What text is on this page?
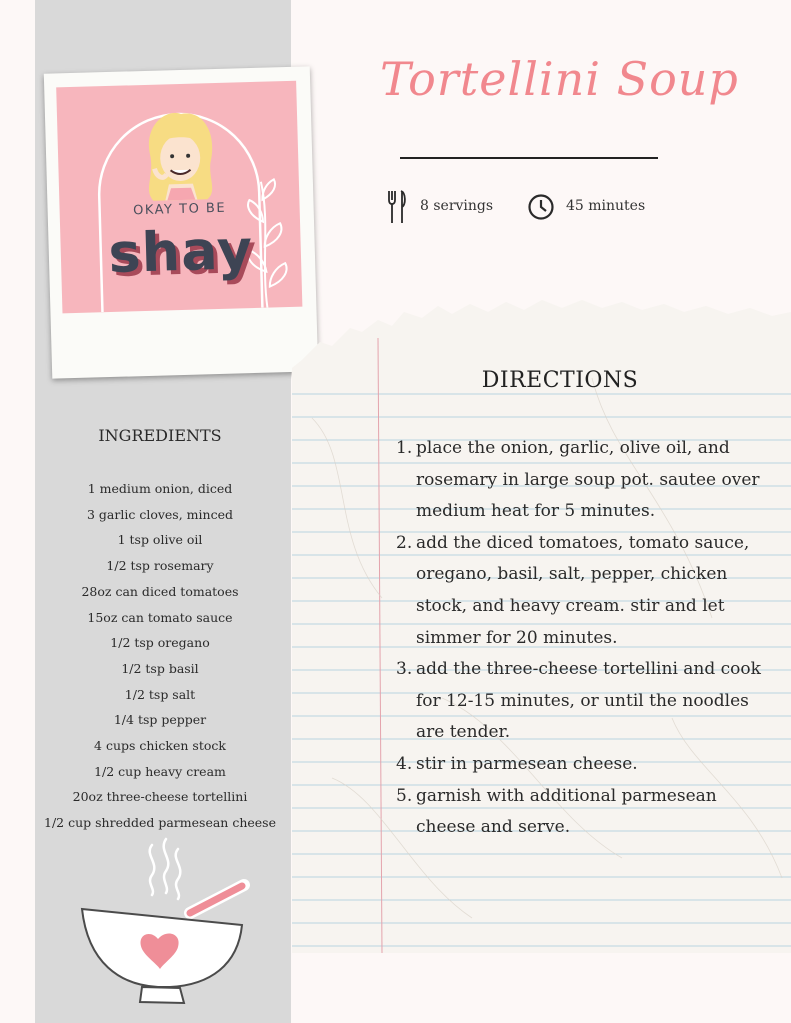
OKAY TO BE
shay
Tortellini Soup
8 servings	45 minutes
DIRECTIONS
1. place the onion, garlic, olive oil, and rosemary in large soup pot. sautee over medium heat for 5 minutes.
2. add the diced tomatoes, tomato sauce, oregano, basil, salt, pepper, chicken stock, and heavy cream. stir and let simmer for 20 minutes.
3. add the three-cheese tortellini and cook for 12-15 minutes, or until the noodles are tender.
4. stir in parmesean cheese.
5. garnish with additional parmesean cheese and serve.
INGREDIENTS
1 medium onion, diced
3 garlic cloves, minced
1 tsp olive oil
1/2 tsp rosemary
28oz can diced tomatoes
15oz can tomato sauce
1/2 tsp oregano
1/2 tsp basil
1/2 tsp salt
1/4 tsp pepper
4 cups chicken stock
1/2 cup heavy cream
20oz three-cheese tortellini
1/2 cup shredded parmesean cheese
